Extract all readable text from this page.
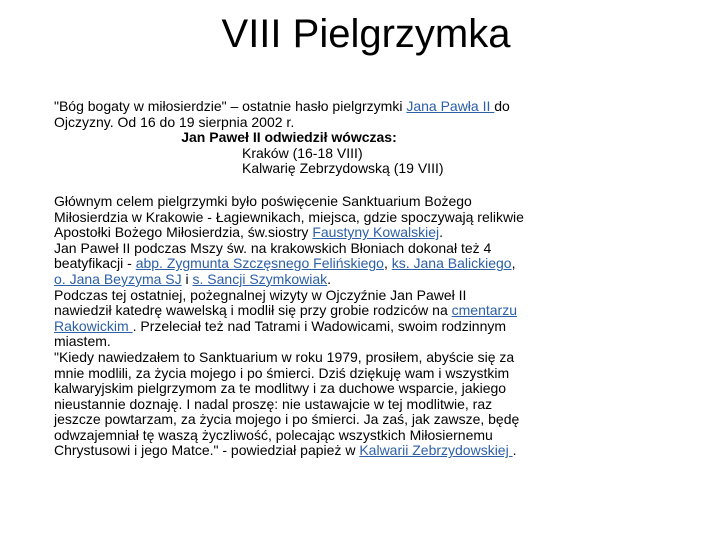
VIII Pielgrzymka

"Bóg bogaty w miłosierdzie" – ostatnie hasło pielgrzymki Jana Pawła II do Ojczyzny. Od 16 do 19 sierpnia 2002 r.

Jan Paweł II odwiedził wówczas:

Kraków (16-18 VIII)

Kalwarię Zebrzydowską (19 VIII)

Głównym celem pielgrzymki było poświęcenie Sanktuarium Bożego Miłosierdzia w Krakowie - Łagiewnikach, miejsca, gdzie spoczywają relikwie Apostołki Bożego Miłosierdzia, św.siostry Faustyny Kowalskiej.

Jan Paweł II podczas Mszy św. na krakowskich Błoniach dokonał też 4 beatyfikacji - abp. Zygmunta Szczęsnego Felińskiego, ks. Jana Balickiego, o. Jana Beyzyma SJ i s. Sancji Szymkowiak.

Podczas tej ostatniej, pożegnalnej wizyty w Ojczyźnie Jan Paweł II nawiedził katedrę wawelską i modlił się przy grobie rodziców na cmentarzu Rakowickim . Przeleciał też nad Tatrami i Wadowicami, swoim rodzinnym miastem.

"Kiedy nawiedzałem to Sanktuarium w roku 1979, prosiłem, abyście się za mnie modlili, za życia mojego i po śmierci. Dziś dziękuję wam i wszystkim kalwaryjskim pielgrzymom za te modlitwy i za duchowe wsparcie, jakiego nieustannie doznaję. I nadal proszę: nie ustawajcie w tej modlitwie, raz jeszcze powtarzam, za życia mojego i po śmierci. Ja zaś, jak zawsze, będę odwzajemniał tę waszą życzliwość, polecając wszystkich Miłosiernemu Chrystusowi i jego Matce." - powiedział papież w Kalwarii Zebrzydowskiej .
